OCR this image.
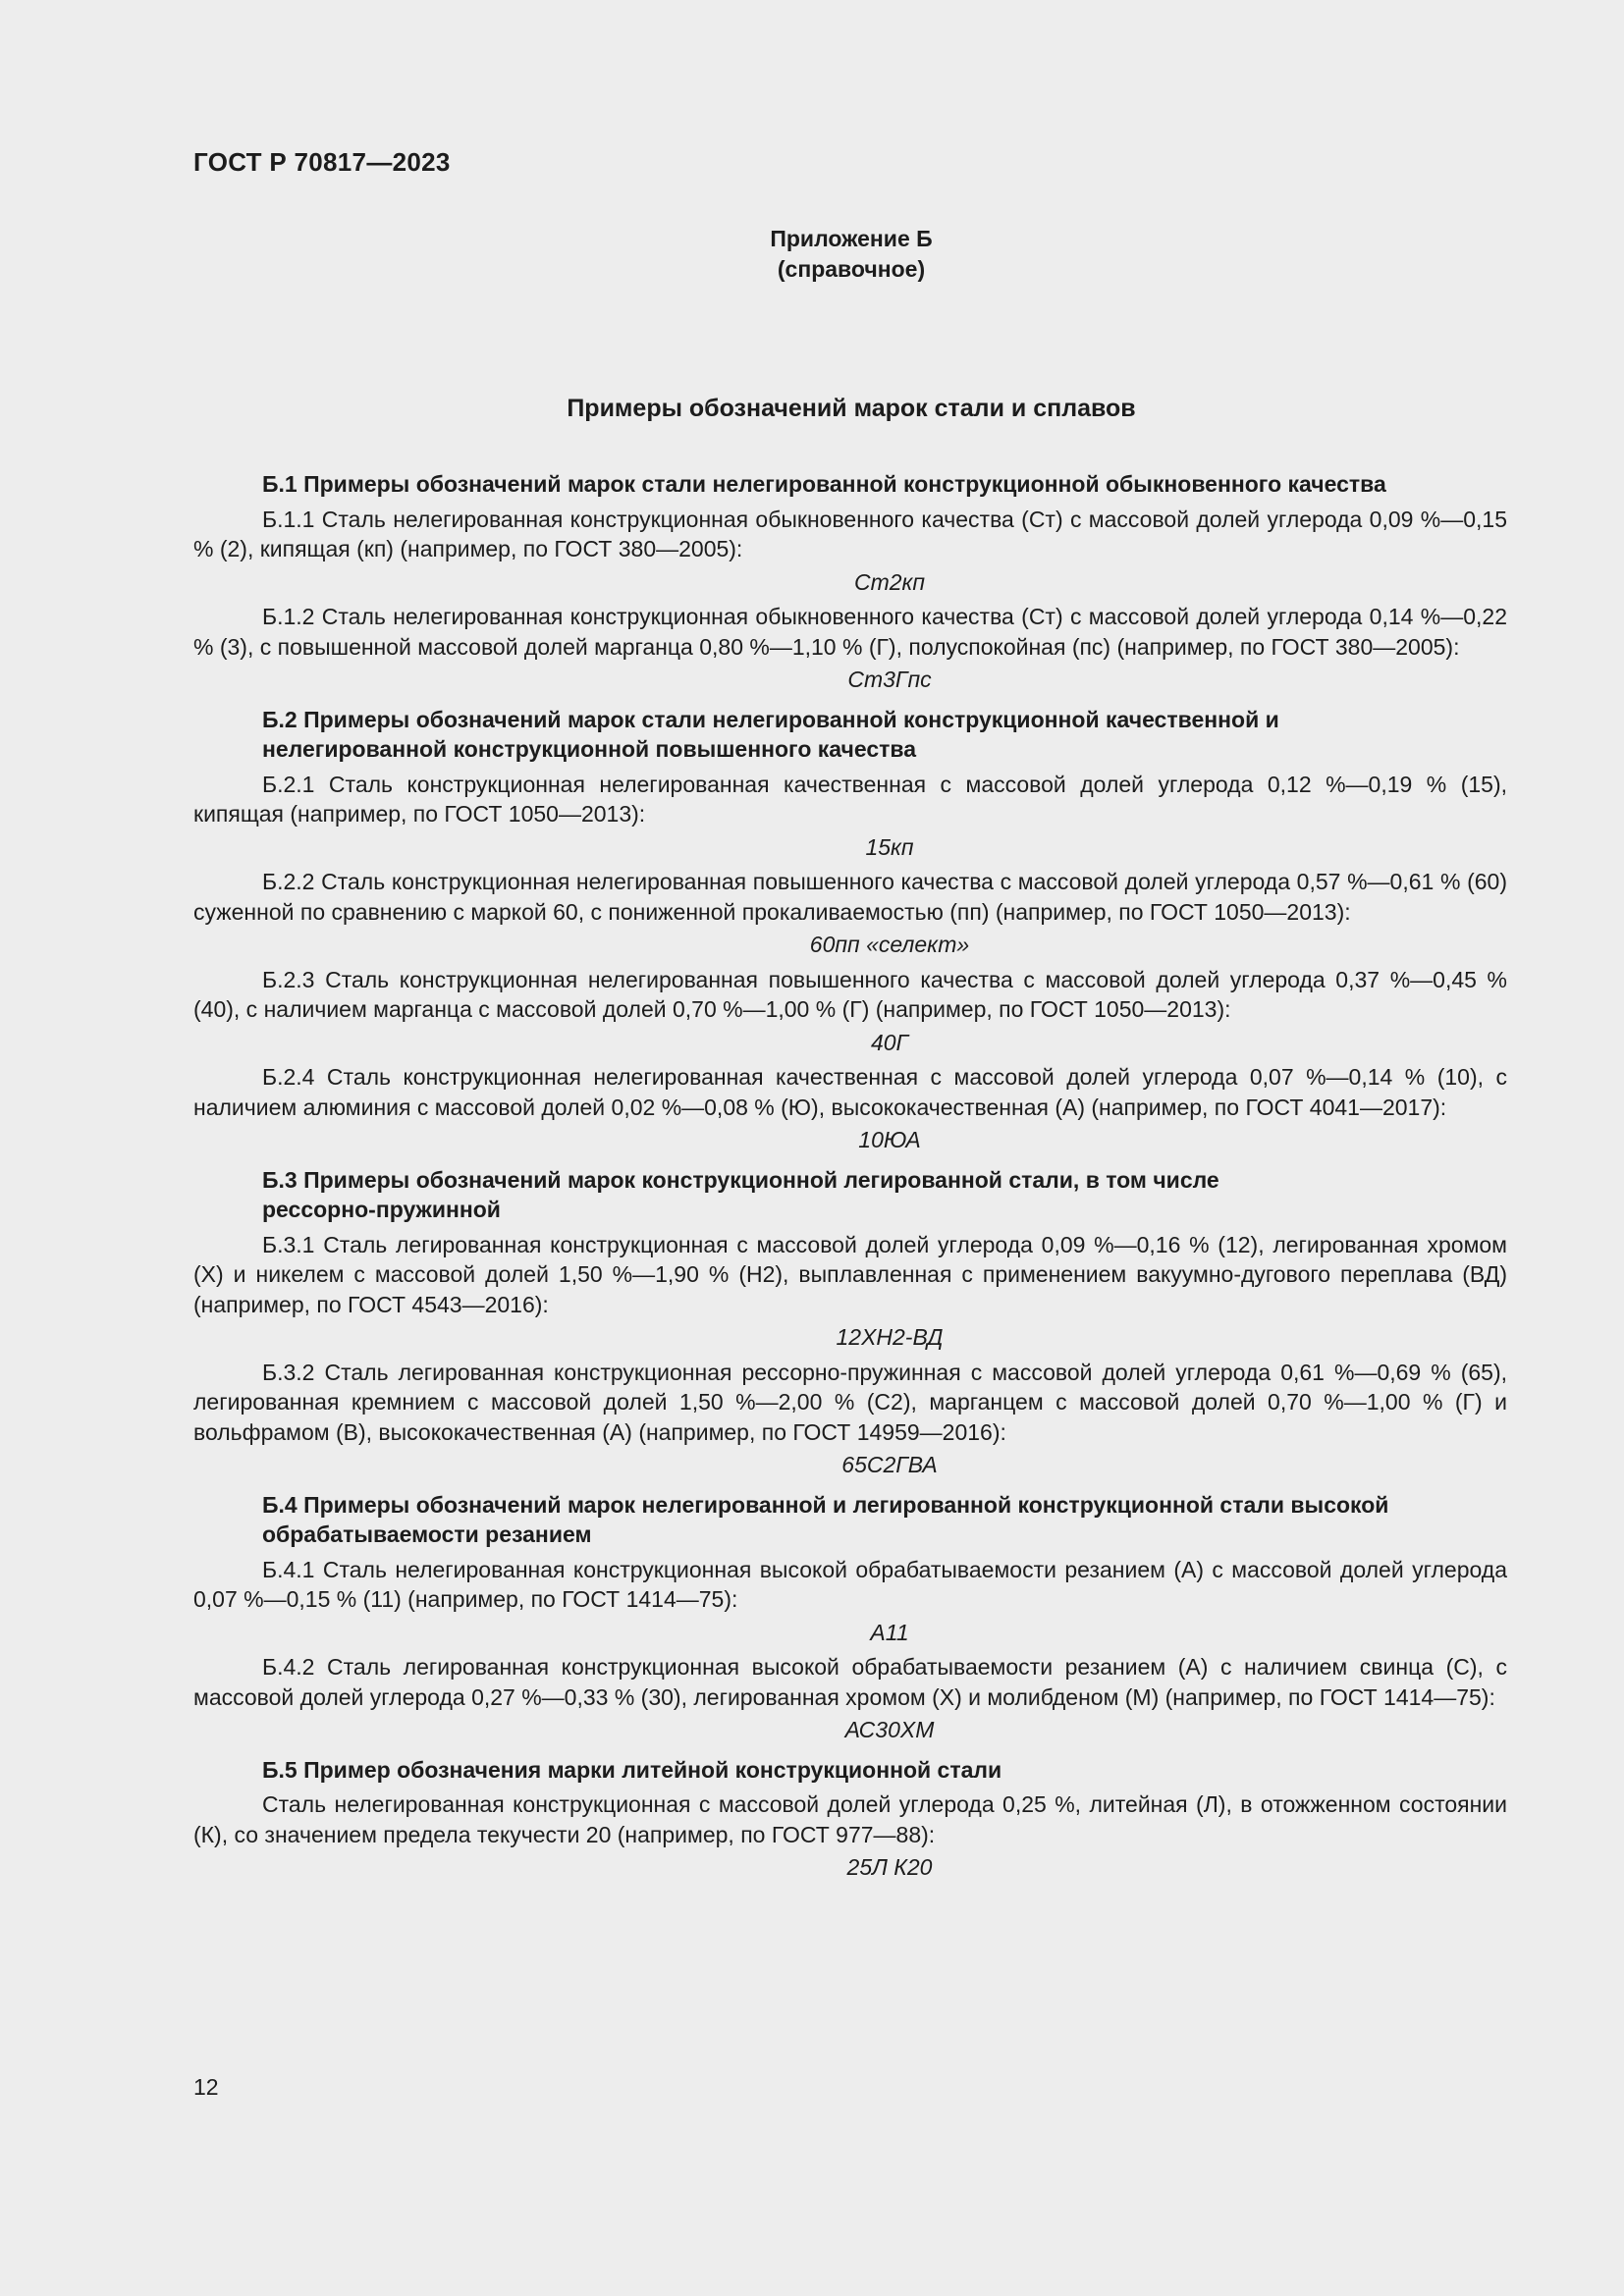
ГОСТ Р 70817—2023
Приложение Б
(справочное)
Примеры обозначений марок стали и сплавов
Б.1 Примеры обозначений марок стали нелегированной конструкционной обыкновенного качества

Б.1.1 Сталь нелегированная конструкционная обыкновенного качества (Ст) с массовой долей углерода 0,09 %—0,15 % (2), кипящая (кп) (например, по ГОСТ 380—2005):

Ст2кп

Б.1.2 Сталь нелегированная конструкционная обыкновенного качества (Ст) с массовой долей углерода 0,14 %—0,22 % (3), с повышенной массовой долей марганца 0,80 %—1,10 % (Г), полуспокойная (пс) (например, по ГОСТ 380—2005):

Ст3Гпс
Б.2 Примеры обозначений марок стали нелегированной конструкционной качественной и
нелегированной конструкционной повышенного качества

Б.2.1 Сталь конструкционная нелегированная качественная с массовой долей углерода 0,12 %—0,19 % (15), кипящая (например, по ГОСТ 1050—2013):

15кп

Б.2.2 Сталь конструкционная нелегированная повышенного качества с массовой долей углерода 0,57 %—0,61 % (60) суженной по сравнению с маркой 60, с пониженной прокаливаемостью (пп) (например, по ГОСТ 1050—2013):

60пп «селект»

Б.2.3 Сталь конструкционная нелегированная повышенного качества с массовой долей углерода 0,37 %—0,45 % (40), с наличием марганца с массовой долей 0,70 %—1,00 % (Г) (например, по ГОСТ 1050—2013):

40Г

Б.2.4 Сталь конструкционная нелегированная качественная с массовой долей углерода 0,07 %—0,14 % (10), с наличием алюминия с массовой долей 0,02 %—0,08 % (Ю), высококачественная (А) (например, по ГОСТ 4041—2017):

10ЮА
Б.3 Примеры обозначений марок конструкционной легированной стали, в том числе
рессорно-пружинной

Б.3.1 Сталь легированная конструкционная с массовой долей углерода 0,09 %—0,16 % (12), легированная хромом (Х) и никелем с массовой долей 1,50 %—1,90 % (Н2), выплавленная с применением вакуумно-дугового переплава (ВД) (например, по ГОСТ 4543—2016):

12ХН2-ВД

Б.3.2 Сталь легированная конструкционная рессорно-пружинная с массовой долей углерода 0,61 %—0,69 % (65), легированная кремнием с массовой долей 1,50 %—2,00 % (С2), марганцем с массовой долей 0,70 %—1,00 % (Г) и вольфрамом (В), высококачественная (А) (например, по ГОСТ 14959—2016):

65С2ГВА
Б.4 Примеры обозначений марок нелегированной и легированной конструкционной стали высокой
обрабатываемости резанием

Б.4.1 Сталь нелегированная конструкционная высокой обрабатываемости резанием (А) с массовой долей углерода 0,07 %—0,15 % (11) (например, по ГОСТ 1414—75):

А11

Б.4.2 Сталь легированная конструкционная высокой обрабатываемости резанием (А) с наличием свинца (С), с массовой долей углерода 0,27 %—0,33 % (30), легированная хромом (Х) и молибденом (М) (например, по ГОСТ 1414—75):

АС30ХМ
Б.5 Пример обозначения марки литейной конструкционной стали

Сталь нелегированная конструкционная с массовой долей углерода 0,25 %, литейная (Л), в отожженном состоянии (К), со значением предела текучести 20 (например, по ГОСТ 977—88):

25Л К20
12
